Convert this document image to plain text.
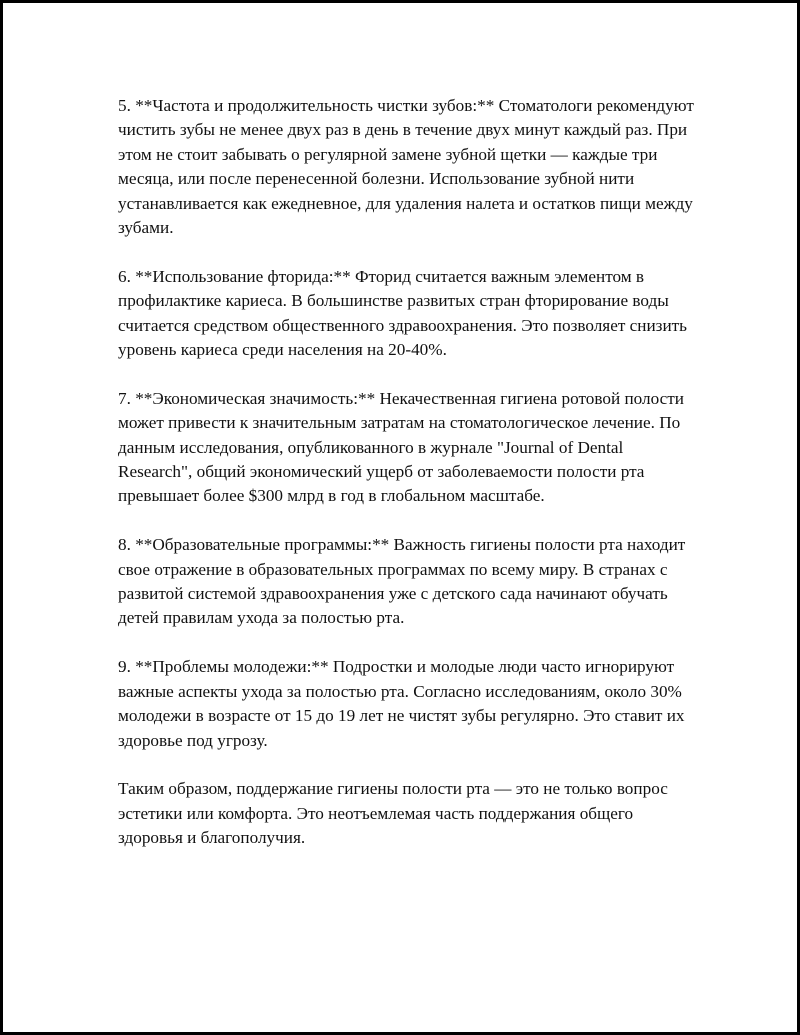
5. **Частота и продолжительность чистки зубов:** Стоматологи рекомендуют чистить зубы не менее двух раз в день в течение двух минут каждый раз. При этом не стоит забывать о регулярной замене зубной щетки — каждые три месяца, или после перенесенной болезни. Использование зубной нити устанавливается как ежедневное, для удаления налета и остатков пищи между зубами.

6. **Использование фторида:** Фторид считается важным элементом в профилактике кариеса. В большинстве развитых стран фторирование воды считается средством общественного здравоохранения. Это позволяет снизить уровень кариеса среди населения на 20-40%.

7. **Экономическая значимость:** Некачественная гигиена ротовой полости может привести к значительным затратам на стоматологическое лечение. По данным исследования, опубликованного в журнале "Journal of Dental Research", общий экономический ущерб от заболеваемости полости рта превышает более $300 млрд в год в глобальном масштабе.

8. **Образовательные программы:** Важность гигиены полости рта находит свое отражение в образовательных программах по всему миру. В странах с развитой системой здравоохранения уже с детского сада начинают обучать детей правилам ухода за полостью рта.

9. **Проблемы молодежи:** Подростки и молодые люди часто игнорируют важные аспекты ухода за полостью рта. Согласно исследованиям, около 30% молодежи в возрасте от 15 до 19 лет не чистят зубы регулярно. Это ставит их здоровье под угрозу.

Таким образом, поддержание гигиены полости рта — это не только вопрос эстетики или комфорта. Это неотъемлемая часть поддержания общего здоровья и благополучия.
